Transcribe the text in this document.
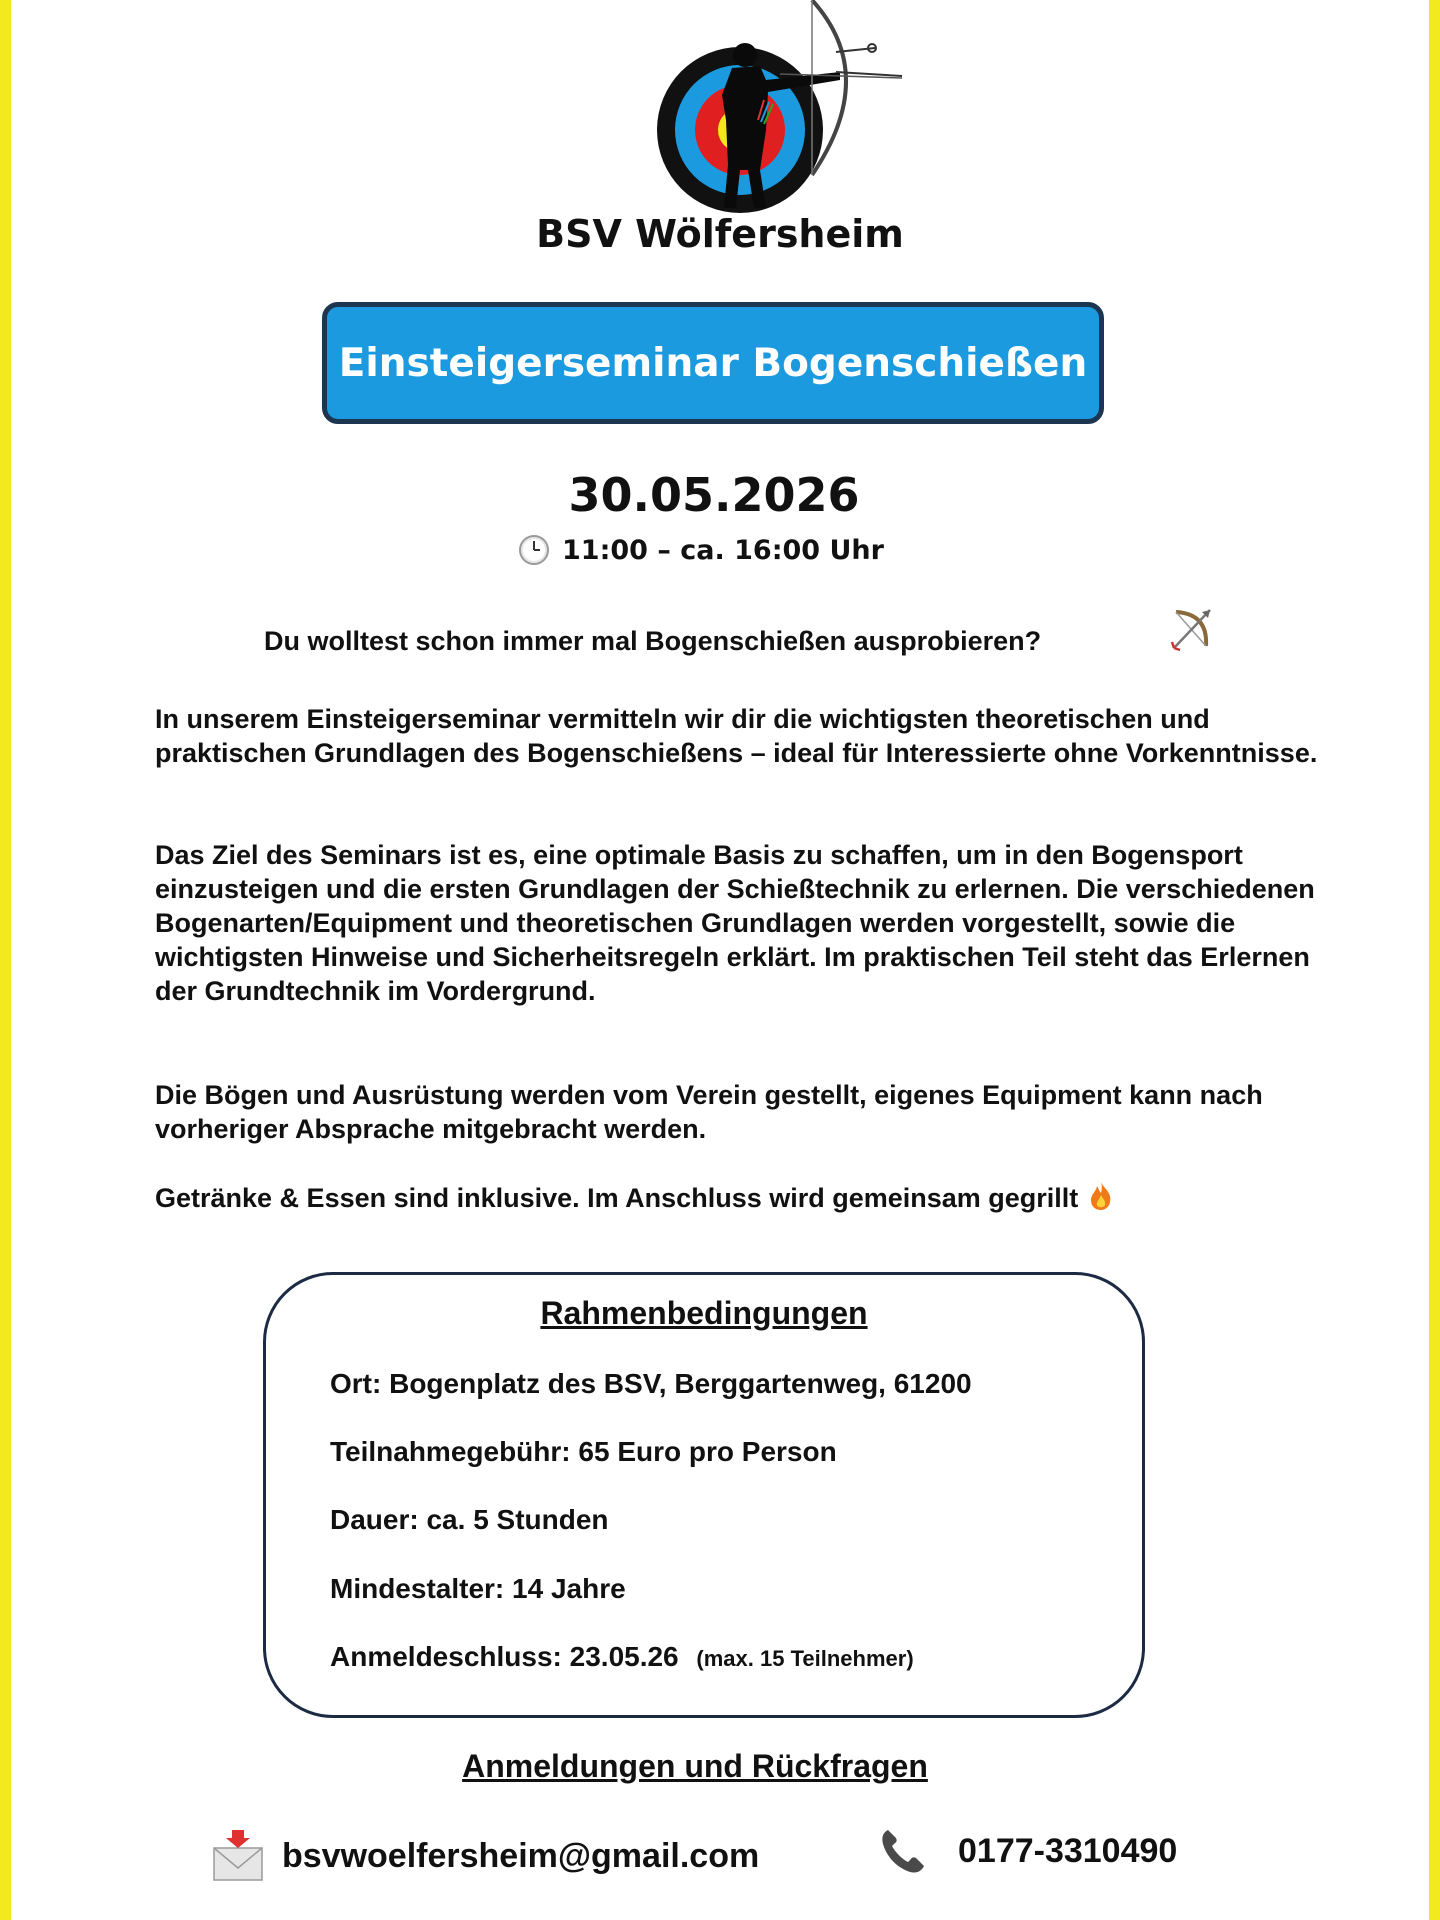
BSV Wölfersheim
Einsteigerseminar Bogenschießen
30.05.2026
11:00 – ca. 16:00 Uhr
Du wolltest schon immer mal Bogenschießen ausprobieren?

In unserem Einsteigerseminar vermitteln wir dir die wichtigsten theoretischen und praktischen Grundlagen des Bogenschießens – ideal für Interessierte ohne Vorkenntnisse.

Das Ziel des Seminars ist es, eine optimale Basis zu schaffen, um in den Bogensport einzusteigen und die ersten Grundlagen der Schießtechnik zu erlernen. Die verschiedenen Bogenarten/Equipment und theoretischen Grundlagen werden vorgestellt, sowie die wichtigsten Hinweise und Sicherheitsregeln erklärt. Im praktischen Teil steht das Erlernen der Grundtechnik im Vordergrund.

Die Bögen und Ausrüstung werden vom Verein gestellt, eigenes Equipment kann nach vorheriger Absprache mitgebracht werden.

Getränke & Essen sind inklusive. Im Anschluss wird gemeinsam gegrillt

Rahmenbedingungen
Ort: Bogenplatz des BSV, Berggartenweg, 61200
Teilnahmegebühr: 65 Euro pro Person
Dauer: ca. 5 Stunden
Mindestalter: 14 Jahre
Anmeldeschluss: 23.05.26 (max. 15 Teilnehmer)
Anmeldungen und Rückfragen
bsvwoelfersheim@gmail.com	0177-3310490
